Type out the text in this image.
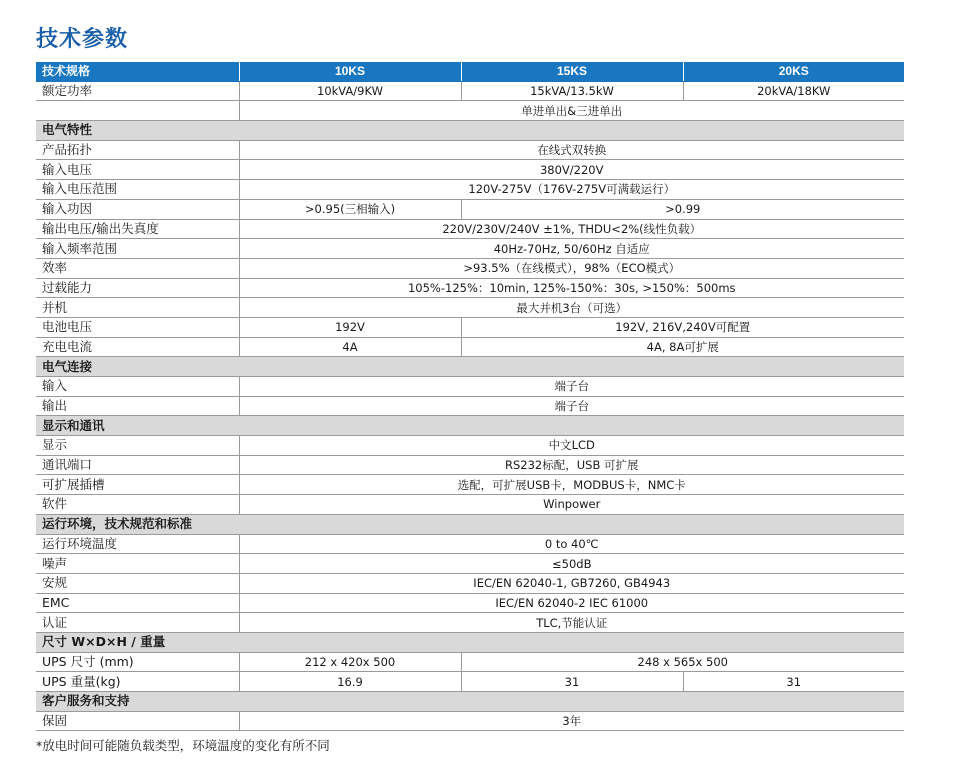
技术参数
技术规格	10KS	15KS	20KS
额定功率	10kVA/9KW	15kVA/13.5kW	20kVA/18KW
	单进单出&三进单出		
电气特性			
产品拓扑	在线式双转换		
输入电压	380V/220V		
输入电压范围	120V-275V（176V-275V可满载运行）		
输入功因	>0.95(三相输入)	>0.99	
输出电压/输出失真度	220V/230V/240V ±1%, THDU<2%(线性负载）		
输入频率范围	40Hz-70Hz, 50/60Hz 自适应		
效率	>93.5%（在线模式），98%（ECO模式）		
过载能力	105%-125%：10min, 125%-150%：30s, >150%：500ms		
并机	最大并机3台（可选）		
电池电压	192V	192V, 216V,240V可配置	
充电电流	4A	4A, 8A可扩展	
电气连接			
输入	端子台		
输出	端子台		
显示和通讯			
显示	中文LCD		
通讯端口	RS232标配，USB 可扩展		
可扩展插槽	选配，可扩展USB卡，MODBUS卡，NMC卡		
软件	Winpower		
运行环境，技术规范和标准			
运行环境温度	0 to 40℃		
噪声	≤50dB		
安规	IEC/EN 62040-1, GB7260, GB4943		
EMC	IEC/EN 62040-2 IEC 61000		
认证	TLC,节能认证		
尺寸 W×D×H / 重量			
UPS 尺寸 (mm)	212 x 420x 500	248 x 565x 500	
UPS 重量(kg)	16.9	31	31
客户服务和支持			
保固	3年		
*放电时间可能随负载类型，环境温度的变化有所不同
